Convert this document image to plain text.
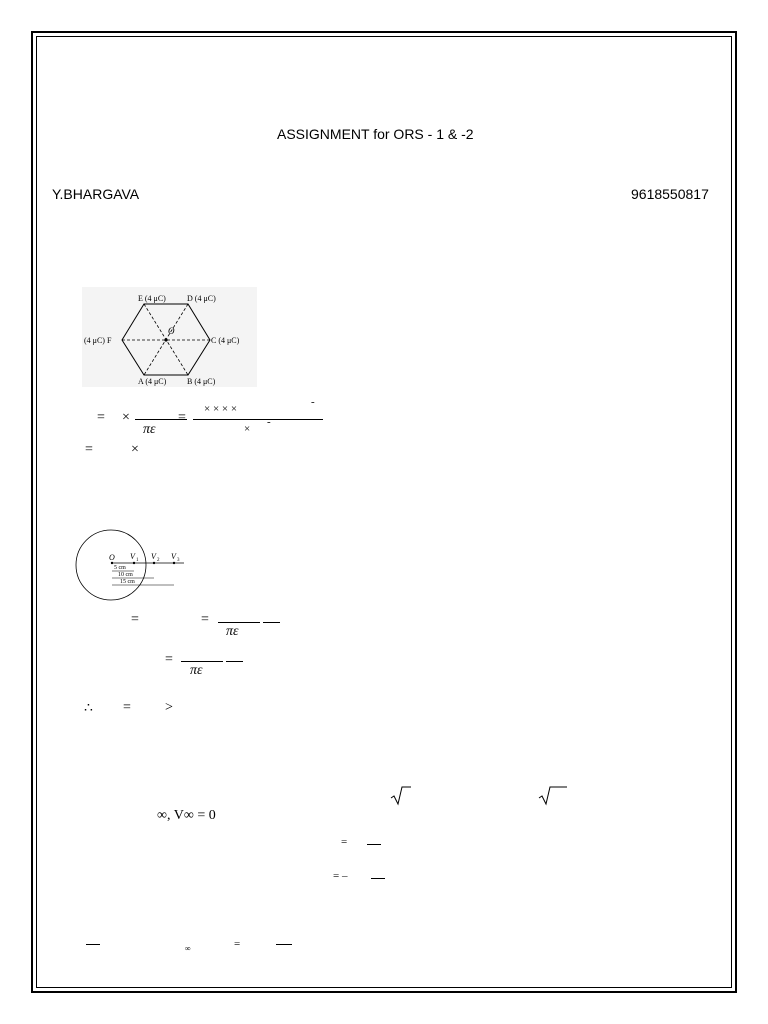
ASSIGNMENT for ORS - 1 & -2
Y.BHARGAVA	9618550817
O
E (4 μC)	D (4 μC)
(4 μC) F	C (4 μC)
A (4 μC)	B (4 μC)
= ×
πε
=
× × × ×
-
×
-
=	×
O V 1 V 2 V 3
5 cm
10 cm
15 cm
=	=
πε
=
πε
∴ = >
∞, V∞ = 0
=
= –
∞	=
